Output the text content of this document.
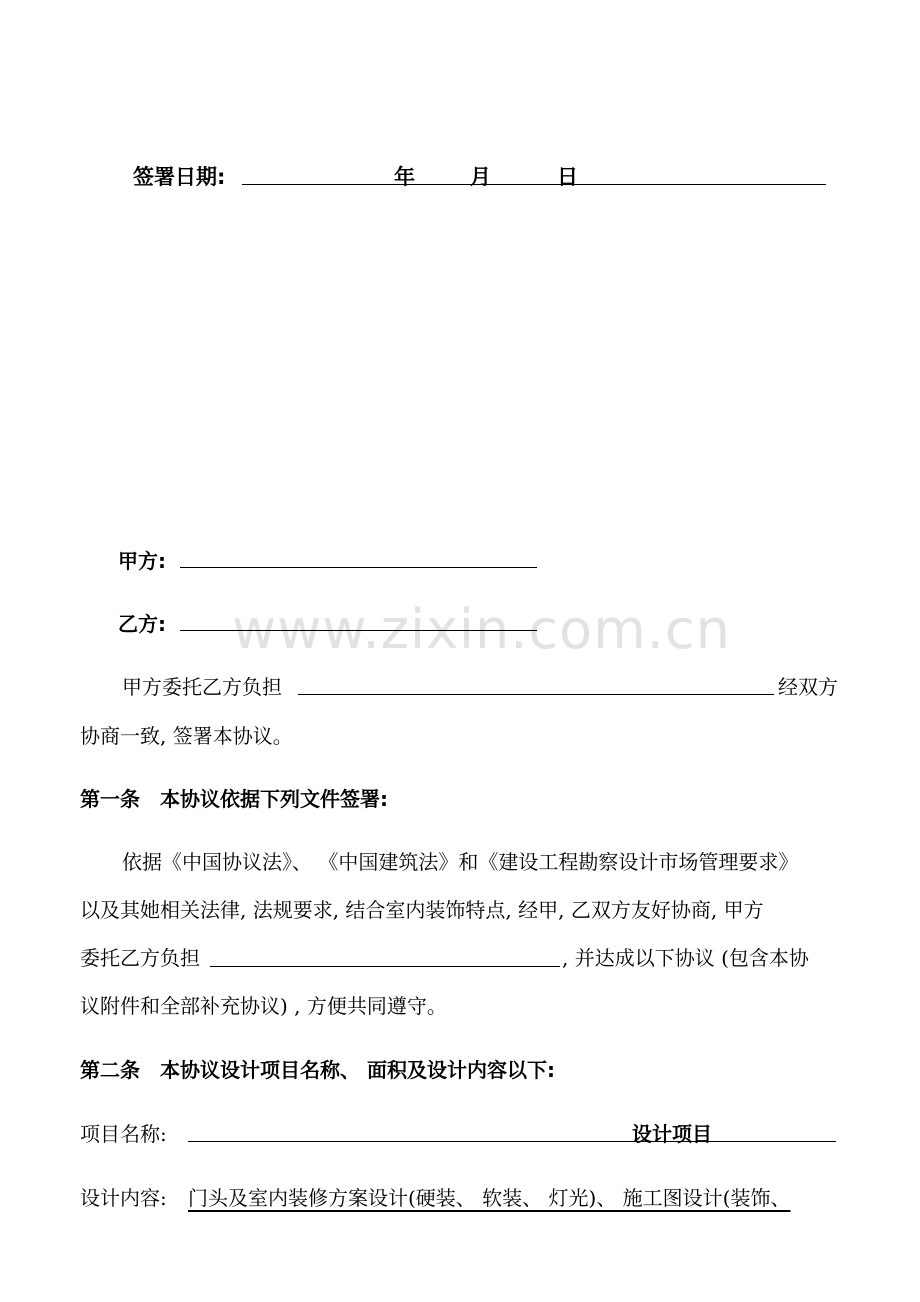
签署日期:	年	月	日
甲方:
www.zixin.com.cn
乙方:
甲方委托乙方负担	经双方
协商一致, 签署本协议。
第一条　本协议依据下列文件签署:
依据《中国协议法》、 《中国建筑法》和《建设工程勘察设计市场管理要求》
以及其她相关法律, 法规要求, 结合室内装饰特点, 经甲, 乙双方友好协商, 甲方
委托乙方负担	, 并达成以下协议 (包含本协
议附件和全部补充协议) , 方便共同遵守。
第二条　本协议设计项目名称、 面积及设计内容以下:
项目名称:	设计项目
设计内容: 门头及室内装修方案设计(硬装、 软装、 灯光)、 施工图设计(装饰、
